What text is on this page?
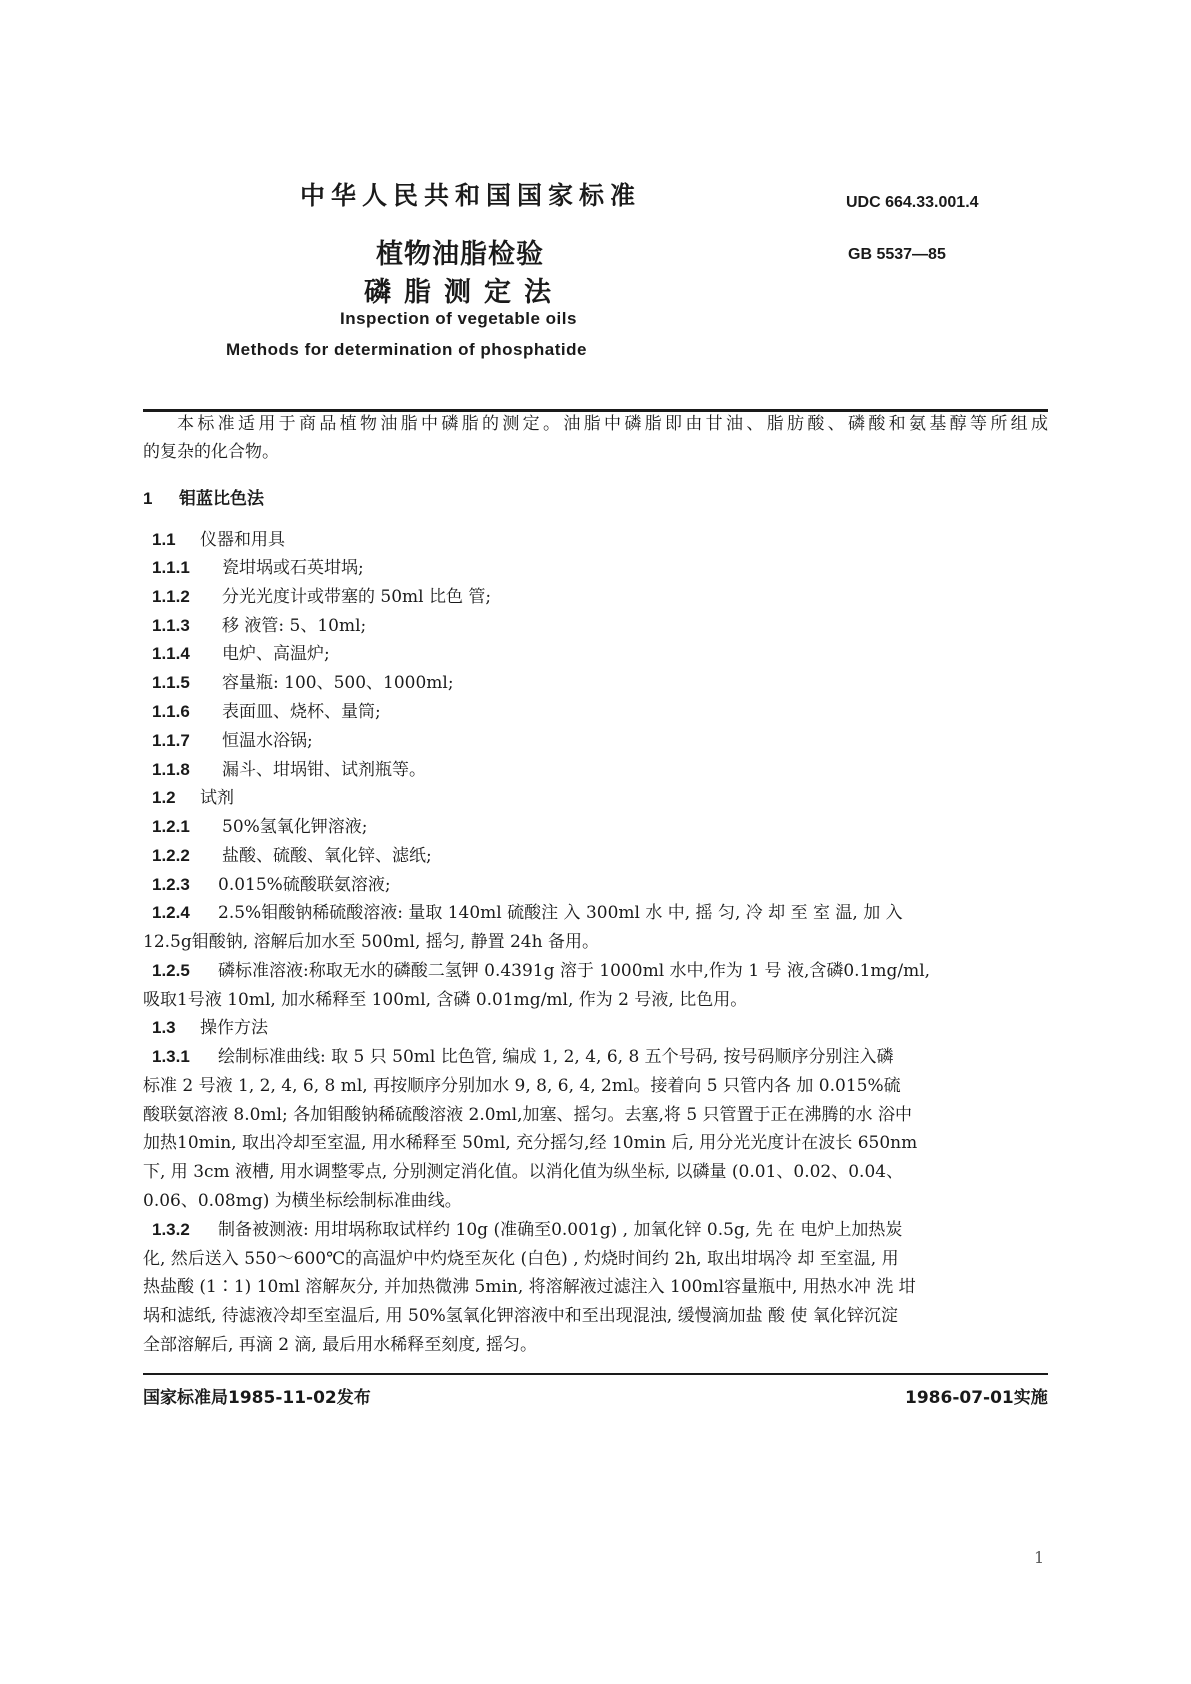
中华人民共和国国家标准	UDC 664.33.001.4
GB 5537—85
植物油脂检验
磷脂测定法
Inspection of vegetable oils
Methods for determination of phosphatide
本标准适用于商品植物油脂中磷脂的测定。油脂中磷脂即由甘油、脂肪酸、磷酸和氨基醇等所组成
的复杂的化合物。
1 钼蓝比色法
1.1 仪器和用具
1.1.1 瓷坩埚或石英坩埚;
1.1.2 分光光度计或带塞的 50ml 比色 管;
1.1.3 移 液管: 5、10ml;
1.1.4 电炉、高温炉;
1.1.5 容量瓶: 100、500、1000ml;
1.1.6 表面皿、烧杯、量筒;
1.1.7 恒温水浴锅;
1.1.8 漏斗、坩埚钳、试剂瓶等。
1.2 试剂
1.2.1 50%氢氧化钾溶液;
1.2.2 盐酸、硫酸、氧化锌、滤纸;
1.2.3 0.015%硫酸联氨溶液;
1.2.4 2.5%钼酸钠稀硫酸溶液: 量取 140ml 硫酸注 入 300ml 水 中, 摇 匀, 冷 却 至 室 温, 加 入
12.5g钼酸钠, 溶解后加水至 500ml, 摇匀, 静置 24h 备用。
1.2.5 磷标准溶液:称取无水的磷酸二氢钾 0.4391g 溶于 1000ml 水中,作为 1 号 液,含磷0.1mg/ml,
吸取1号液 10ml, 加水稀释至 100ml, 含磷 0.01mg/ml, 作为 2 号液, 比色用。
1.3 操作方法
1.3.1 绘制标准曲线: 取 5 只 50ml 比色管, 编成 1, 2, 4, 6, 8 五个号码, 按号码顺序分别注入磷
标准 2 号液 1, 2, 4, 6, 8 ml, 再按顺序分别加水 9, 8, 6, 4, 2ml。接着向 5 只管内各 加 0.015%硫
酸联氨溶液 8.0ml; 各加钼酸钠稀硫酸溶液 2.0ml,加塞、摇匀。去塞,将 5 只管置于正在沸腾的水 浴中
加热10min, 取出冷却至室温, 用水稀释至 50ml, 充分摇匀,经 10min 后, 用分光光度计在波长 650nm
下, 用 3cm 液槽, 用水调整零点, 分别测定消化值。以消化值为纵坐标, 以磷量 (0.01、0.02、0.04、
0.06、0.08mg) 为横坐标绘制标准曲线。
1.3.2 制备被测液: 用坩埚称取试样约 10g (准确至0.001g) , 加氧化锌 0.5g, 先 在 电炉上加热炭
化, 然后送入 550～600℃的高温炉中灼烧至灰化 (白色) , 灼烧时间约 2h, 取出坩埚冷 却 至室温, 用
热盐酸 (1∶1) 10ml 溶解灰分, 并加热微沸 5min, 将溶解液过滤注入 100ml容量瓶中, 用热水冲 洗 坩
埚和滤纸, 待滤液冷却至室温后, 用 50%氢氧化钾溶液中和至出现混浊, 缓慢滴加盐 酸 使 氧化锌沉淀
全部溶解后, 再滴 2 滴, 最后用水稀释至刻度, 摇匀。
国家标准局1985-11-02发布	1986-07-01实施
1
